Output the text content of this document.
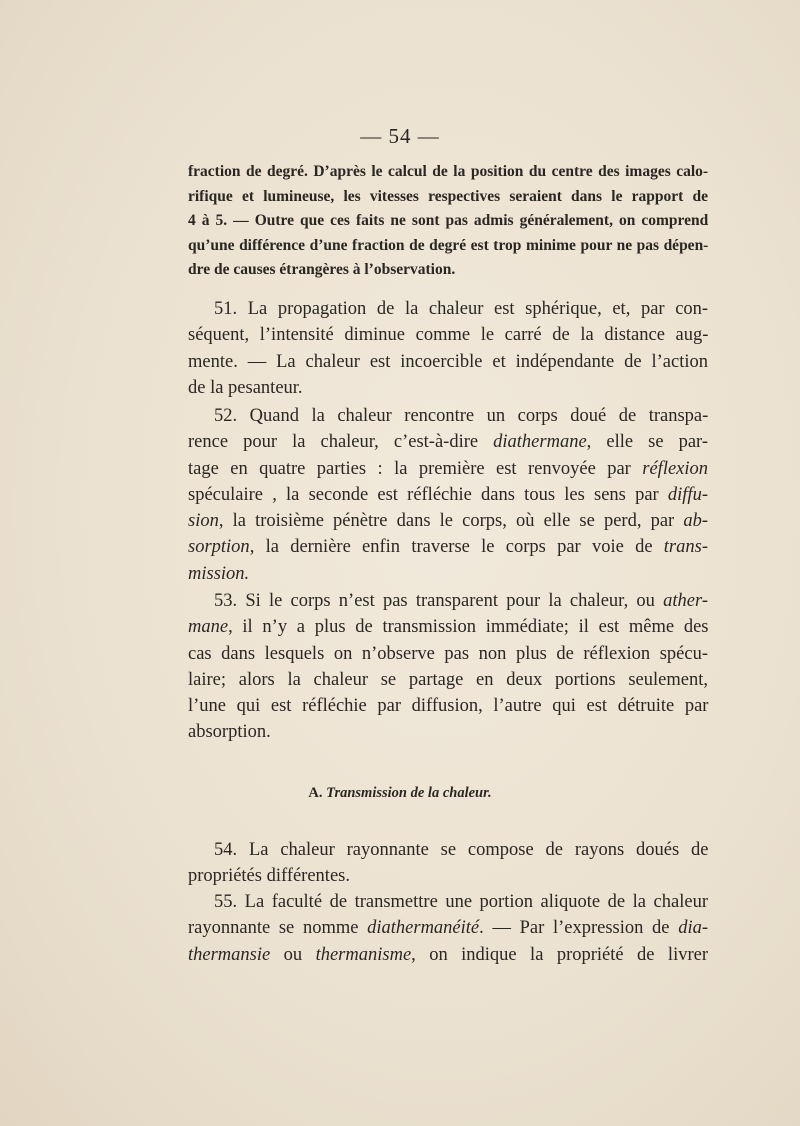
— 54 —
fraction de degré. D’après le calcul de la position du centre des images calo-
rifique et lumineuse, les vitesses respectives seraient dans le rapport de
4 à 5. — Outre que ces faits ne sont pas admis généralement, on comprend
qu’une différence d’une fraction de degré est trop minime pour ne pas dépen-
dre de causes étrangères à l’observation.
51. La propagation de la chaleur est sphérique, et, par con-
séquent, l’intensité diminue comme le carré de la distance aug-
mente. — La chaleur est incoercible et indépendante de l’action
de la pesanteur.
52. Quand la chaleur rencontre un corps doué de transpa-
rence pour la chaleur, c’est-à-dire diathermane, elle se par-
tage en quatre parties : la première est renvoyée par réflexion
spéculaire , la seconde est réfléchie dans tous les sens par diffu-
sion, la troisième pénètre dans le corps, où elle se perd, par ab-
sorption, la dernière enfin traverse le corps par voie de trans-
mission.
53. Si le corps n’est pas transparent pour la chaleur, ou ather-
mane, il n’y a plus de transmission immédiate; il est même des
cas dans lesquels on n’observe pas non plus de réflexion spécu-
laire; alors la chaleur se partage en deux portions seulement,
l’une qui est réfléchie par diffusion, l’autre qui est détruite par
absorption.
A. Transmission de la chaleur.
54. La chaleur rayonnante se compose de rayons doués de
propriétés différentes.
55. La faculté de transmettre une portion aliquote de la chaleur
rayonnante se nomme diathermanéité. — Par l’expression de dia-
thermansie ou thermanisme, on indique la propriété de livrer
